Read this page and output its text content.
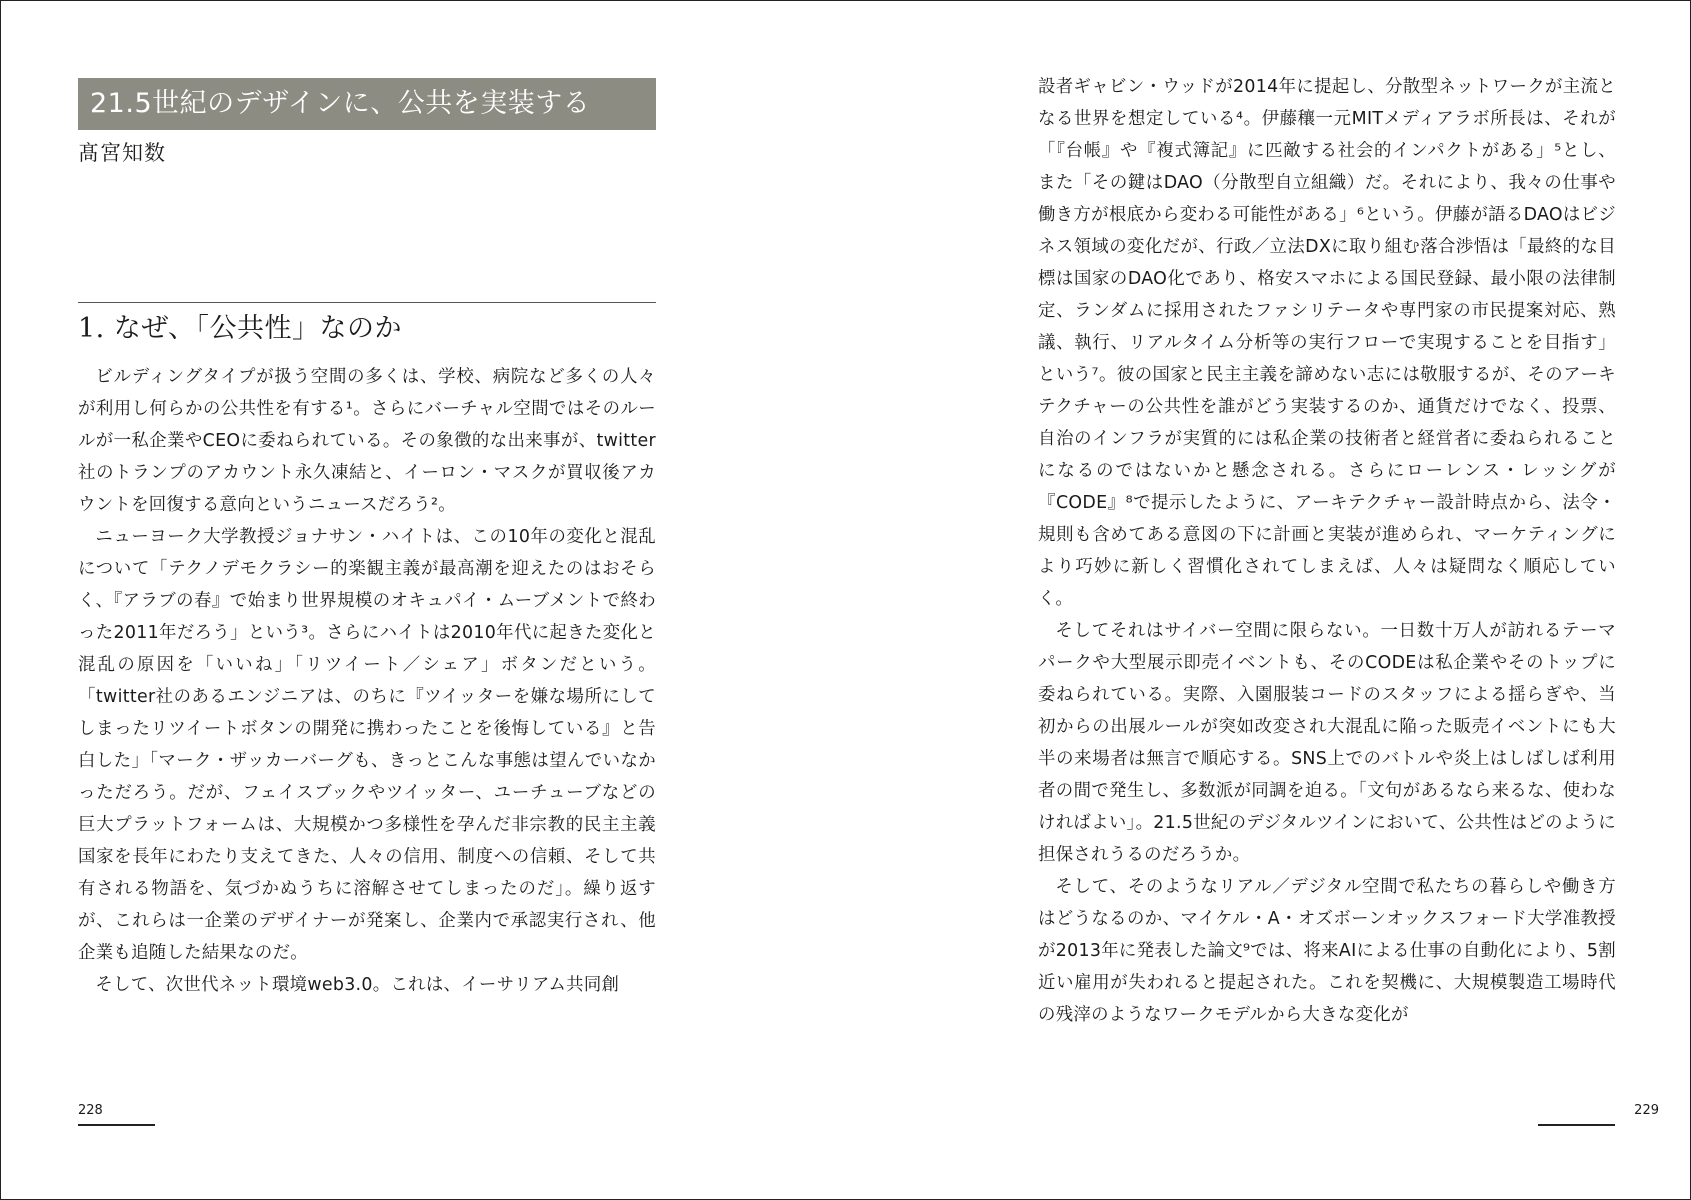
21.5世紀のデザインに、公共を実装する
髙宮知数
1. なぜ、「公共性」なのか

ビルディングタイプが扱う空間の多くは、学校、病院など多くの人々が利用し何らかの公共性を有する¹。さらにバーチャル空間ではそのルールが一私企業やCEOに委ねられている。その象徴的な出来事が、twitter社のトランプのアカウント永久凍結と、イーロン・マスクが買収後アカウントを回復する意向というニュースだろう²。

ニューヨーク大学教授ジョナサン・ハイトは、この10年の変化と混乱について「テクノデモクラシー的楽観主義が最高潮を迎えたのはおそらく、『アラブの春』で始まり世界規模のオキュパイ・ムーブメントで終わった2011年だろう」という³。さらにハイトは2010年代に起きた変化と混乱の原因を「いいね」「リツイート／シェア」ボタンだという。「twitter社のあるエンジニアは、のちに『ツイッターを嫌な場所にしてしまったリツイートボタンの開発に携わったことを後悔している』と告白した」「マーク・ザッカーバーグも、きっとこんな事態は望んでいなかっただろう。だが、フェイスブックやツイッター、ユーチューブなどの巨大プラットフォームは、大規模かつ多様性を孕んだ非宗教的民主主義国家を長年にわたり支えてきた、人々の信用、制度への信頼、そして共有される物語を、気づかぬうちに溶解させてしまったのだ」。繰り返すが、これらは一企業のデザイナーが発案し、企業内で承認実行され、他企業も追随した結果なのだ。

そして、次世代ネット環境web3.0。これは、イーサリアム共同創

228

設者ギャビン・ウッドが2014年に提起し、分散型ネットワークが主流となる世界を想定している⁴。伊藤穰一元MITメディアラボ所長は、それが「『台帳』や『複式簿記』に匹敵する社会的インパクトがある」⁵とし、また「その鍵はDAO（分散型自立組織）だ。それにより、我々の仕事や働き方が根底から変わる可能性がある」⁶という。伊藤が語るDAOはビジネス領域の変化だが、行政／立法DXに取り組む落合渉悟は「最終的な目標は国家のDAO化であり、格安スマホによる国民登録、最小限の法律制定、ランダムに採用されたファシリテータや専門家の市民提案対応、熟議、執行、リアルタイム分析等の実行フローで実現することを目指す」という⁷。彼の国家と民主主義を諦めない志には敬服するが、そのアーキテクチャーの公共性を誰がどう実装するのか、通貨だけでなく、投票、自治のインフラが実質的には私企業の技術者と経営者に委ねられることになるのではないかと懸念される。さらにローレンス・レッシグが『CODE』⁸で提示したように、アーキテクチャー設計時点から、法令・規則も含めてある意図の下に計画と実装が進められ、マーケティングにより巧妙に新しく習慣化されてしまえば、人々は疑問なく順応していく。

そしてそれはサイバー空間に限らない。一日数十万人が訪れるテーマパークや大型展示即売イベントも、そのCODEは私企業やそのトップに委ねられている。実際、入園服装コードのスタッフによる揺らぎや、当初からの出展ルールが突如改変され大混乱に陥った販売イベントにも大半の来場者は無言で順応する。SNS上でのバトルや炎上はしばしば利用者の間で発生し、多数派が同調を迫る。「文句があるなら来るな、使わなければよい」。21.5世紀のデジタルツインにおいて、公共性はどのように担保されうるのだろうか。

そして、そのようなリアル／デジタル空間で私たちの暮らしや働き方はどうなるのか、マイケル・A・オズボーンオックスフォード大学准教授が2013年に発表した論文⁹では、将来AIによる仕事の自動化により、5割近い雇用が失われると提起された。これを契機に、大規模製造工場時代の残滓のようなワークモデルから大きな変化が

229
